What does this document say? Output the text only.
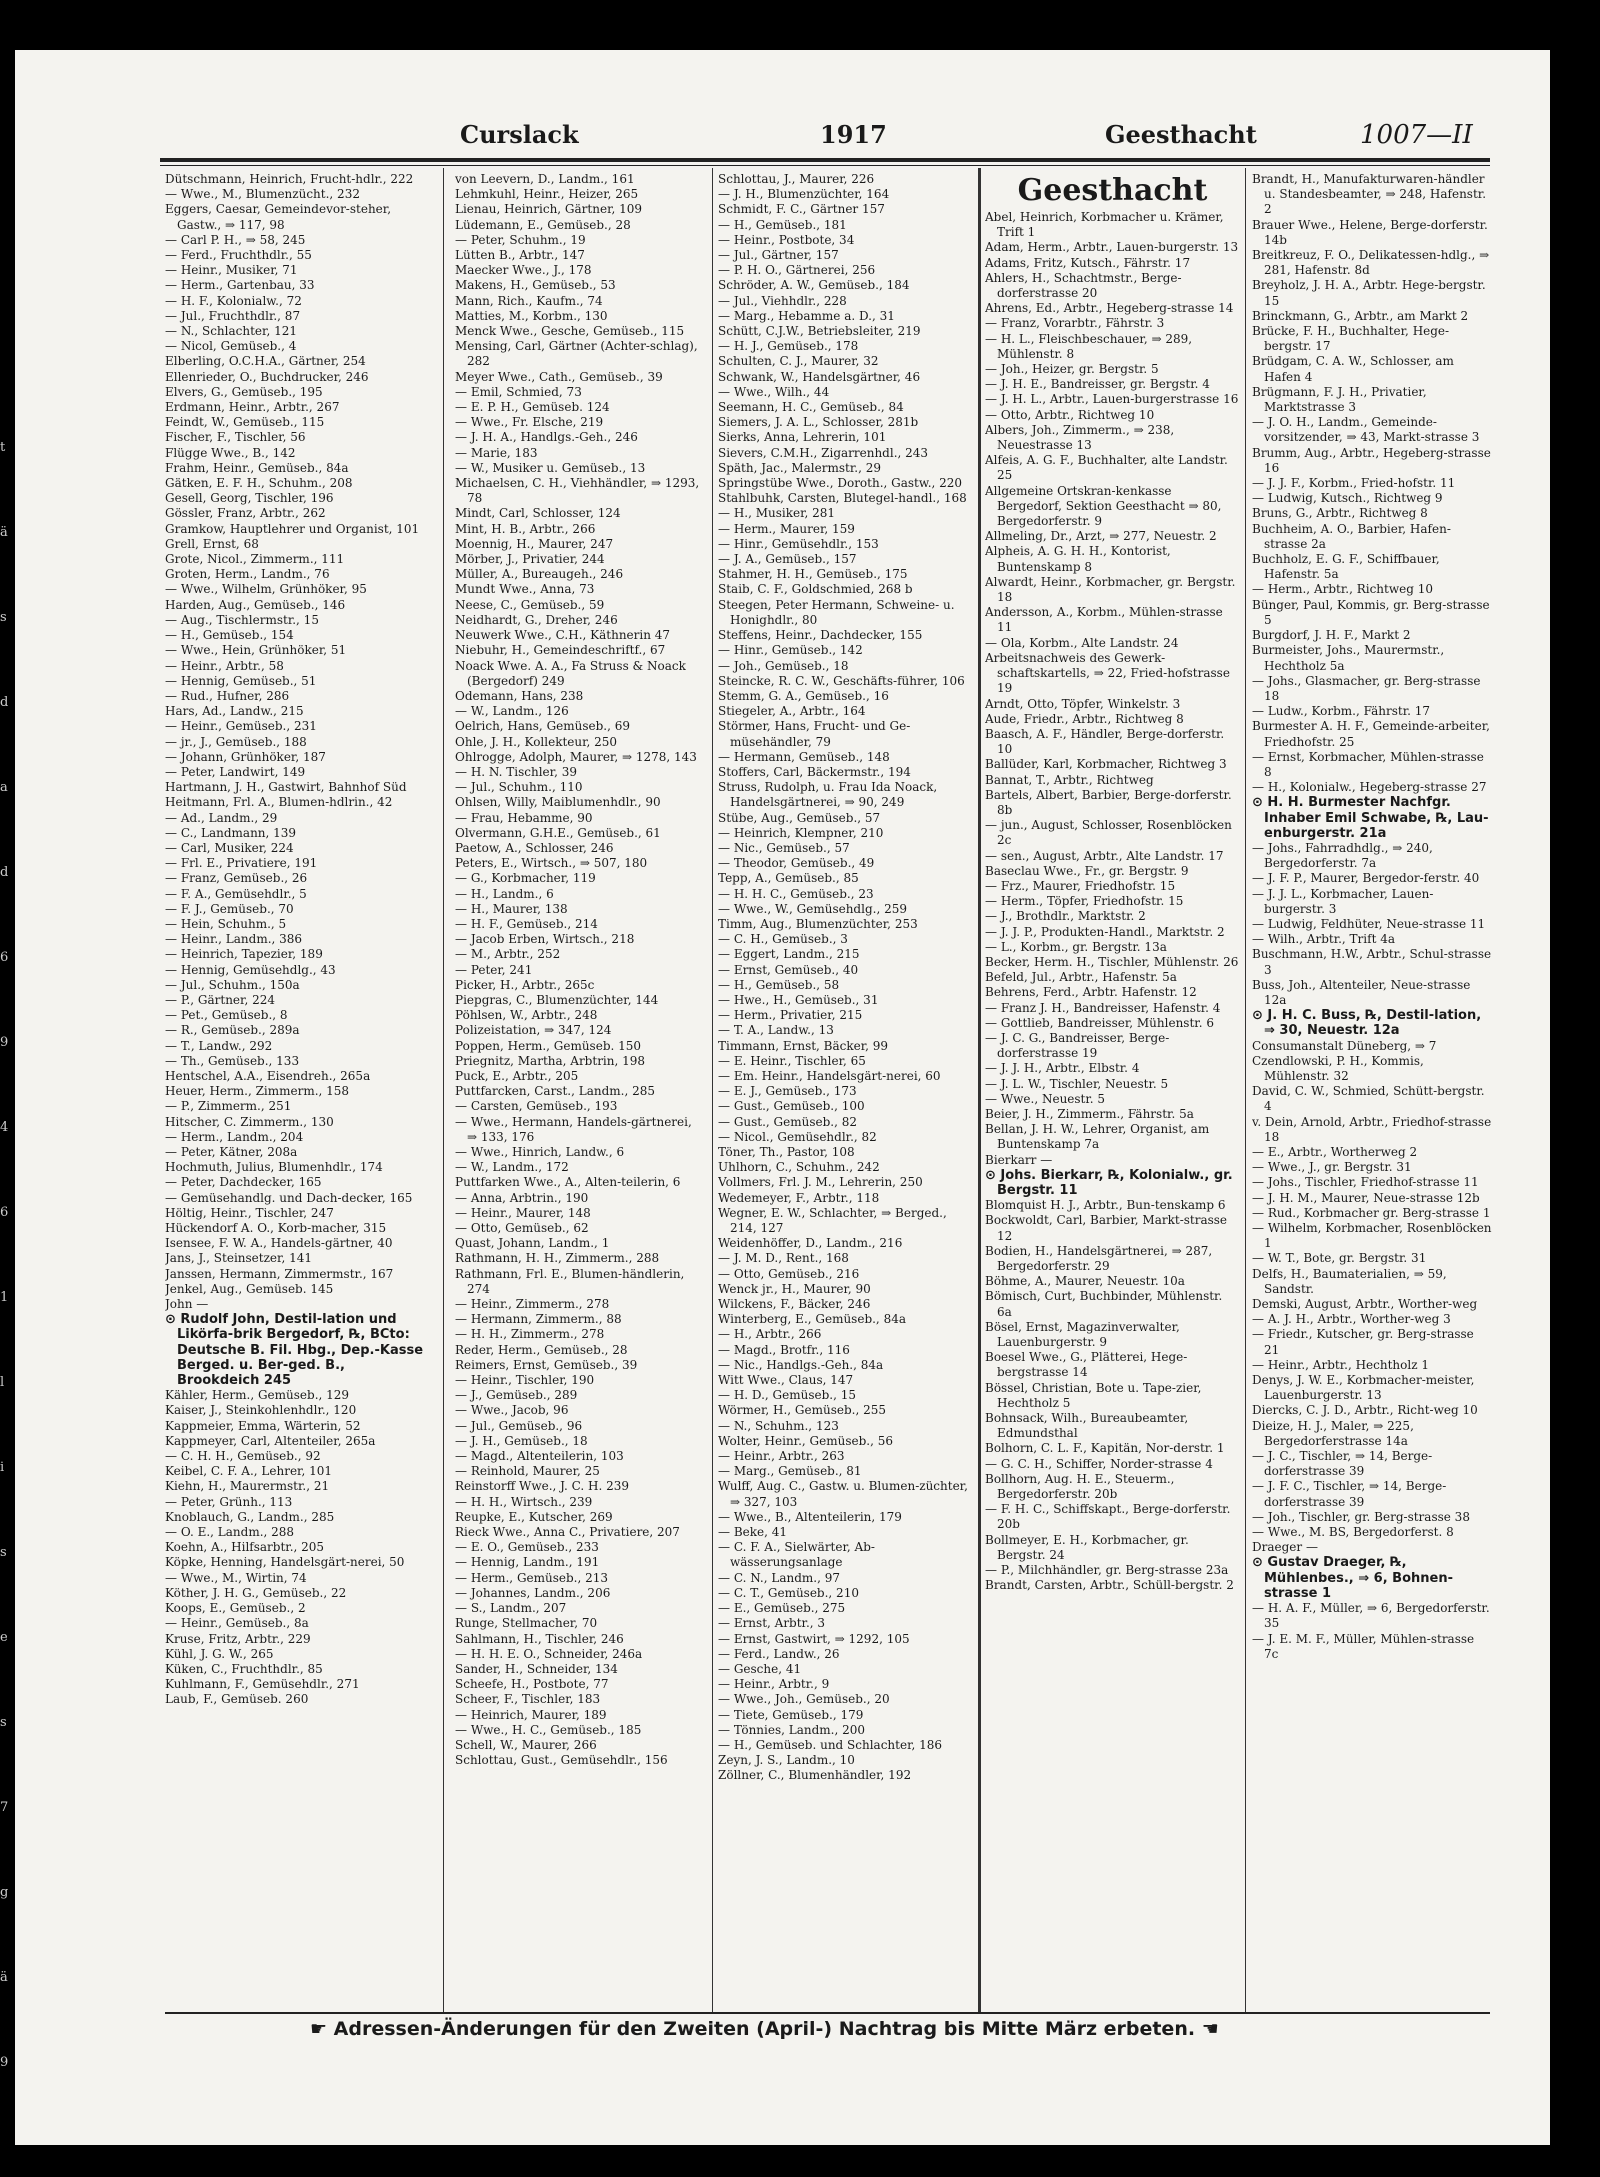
t
ä
s
d
a
d
6
9
4
6
1
l
i
s
e
s
7
g
ä
9
Curslack	1917	Geesthacht	1007—II

Dütschmann, Heinrich, Frucht-hdlr., 222

— Wwe., M., Blumenzücht., 232

Eggers, Caesar, Gemeindevor-steher, Gastw., ⇒ 117, 98

— Carl P. H., ⇒ 58, 245

— Ferd., Fruchthdlr., 55

— Heinr., Musiker, 71

— Herm., Gartenbau, 33

— H. F., Kolonialw., 72

— Jul., Fruchthdlr., 87

— N., Schlachter, 121

— Nicol, Gemüseb., 4

Elberling, O.C.H.A., Gärtner, 254

Ellenrieder, O., Buchdrucker, 246

Elvers, G., Gemüseb., 195

Erdmann, Heinr., Arbtr., 267

Feindt, W., Gemüseb., 115

Fischer, F., Tischler, 56

Flügge Wwe., B., 142

Frahm, Heinr., Gemüseb., 84a

Gätken, E. F. H., Schuhm., 208

Gesell, Georg, Tischler, 196

Gössler, Franz, Arbtr., 262

Gramkow, Hauptlehrer und Organist, 101

Grell, Ernst, 68

Grote, Nicol., Zimmerm., 111

Groten, Herm., Landm., 76

— Wwe., Wilhelm, Grünhöker, 95

Harden, Aug., Gemüseb., 146

— Aug., Tischlermstr., 15

— H., Gemüseb., 154

— Wwe., Hein, Grünhöker, 51

— Heinr., Arbtr., 58

— Hennig, Gemüseb., 51

— Rud., Hufner, 286

Hars, Ad., Landw., 215

— Heinr., Gemüseb., 231

— jr., J., Gemüseb., 188

— Johann, Grünhöker, 187

— Peter, Landwirt, 149

Hartmann, J. H., Gastwirt, Bahnhof Süd

Heitmann, Frl. A., Blumen-hdlrin., 42

— Ad., Landm., 29

— C., Landmann, 139

— Carl, Musiker, 224

— Frl. E., Privatiere, 191

— Franz, Gemüseb., 26

— F. A., Gemüsehdlr., 5

— F. J., Gemüseb., 70

— Hein, Schuhm., 5

— Heinr., Landm., 386

— Heinrich, Tapezier, 189

— Hennig, Gemüsehdlg., 43

— Jul., Schuhm., 150a

— P., Gärtner, 224

— Pet., Gemüseb., 8

— R., Gemüseb., 289a

— T., Landw., 292

— Th., Gemüseb., 133

Hentschel, A.A., Eisendreh., 265a

Heuer, Herm., Zimmerm., 158

— P., Zimmerm., 251

Hitscher, C. Zimmerm., 130

— Herm., Landm., 204

— Peter, Kätner, 208a

Hochmuth, Julius, Blumenhdlr., 174

— Peter, Dachdecker, 165

— Gemüsehandlg. und Dach-decker, 165

Höltig, Heinr., Tischler, 247

Hückendorf A. O., Korb-macher, 315

Isensee, F. W. A., Handels-gärtner, 40

Jans, J., Steinsetzer, 141

Janssen, Hermann, Zimmermstr., 167

Jenkel, Aug., Gemüseb. 145

John —

⊙ Rudolf John, Destil-lation und Likörfa-brik Bergedorf, ℞, BCto: Deutsche B. Fil. Hbg., Dep.-Kasse Berged. u. Ber-ged. B., Brookdeich 245

Kähler, Herm., Gemüseb., 129

Kaiser, J., Steinkohlenhdlr., 120

Kappmeier, Emma, Wärterin, 52

Kappmeyer, Carl, Altenteiler, 265a

— C. H. H., Gemüseb., 92

Keibel, C. F. A., Lehrer, 101

Kiehn, H., Maurermstr., 21

— Peter, Grünh., 113

Knoblauch, G., Landm., 285

— O. E., Landm., 288

Koehn, A., Hilfsarbtr., 205

Köpke, Henning, Handelsgärt-nerei, 50

— Wwe., M., Wirtin, 74

Köther, J. H. G., Gemüseb., 22

Koops, E., Gemüseb., 2

— Heinr., Gemüseb., 8a

Kruse, Fritz, Arbtr., 229

Kühl, J. G. W., 265

Küken, C., Fruchthdlr., 85

Kuhlmann, F., Gemüsehdlr., 271

Laub, F., Gemüseb. 260

von Leevern, D., Landm., 161

Lehmkuhl, Heinr., Heizer, 265

Lienau, Heinrich, Gärtner, 109

Lüdemann, E., Gemüseb., 28

— Peter, Schuhm., 19

Lütten B., Arbtr., 147

Maecker Wwe., J., 178

Makens, H., Gemüseb., 53

Mann, Rich., Kaufm., 74

Matties, M., Korbm., 130

Menck Wwe., Gesche, Gemüseb., 115

Mensing, Carl, Gärtner (Achter-schlag), 282

Meyer Wwe., Cath., Gemüseb., 39

— Emil, Schmied, 73

— E. P. H., Gemüseb. 124

— Wwe., Fr. Elsche, 219

— J. H. A., Handlgs.-Geh., 246

— Marie, 183

— W., Musiker u. Gemüseb., 13

Michaelsen, C. H., Viehhändler, ⇒ 1293, 78

Mindt, Carl, Schlosser, 124

Mint, H. B., Arbtr., 266

Moennig, H., Maurer, 247

Mörber, J., Privatier, 244

Müller, A., Bureaugeh., 246

Mundt Wwe., Anna, 73

Neese, C., Gemüseb., 59

Neidhardt, G., Dreher, 246

Neuwerk Wwe., C.H., Käthnerin 47

Niebuhr, H., Gemeindeschriftf., 67

Noack Wwe. A. A., Fa Struss & Noack (Bergedorf) 249

Odemann, Hans, 238

— W., Landm., 126

Oelrich, Hans, Gemüseb., 69

Ohle, J. H., Kollekteur, 250

Ohlrogge, Adolph, Maurer, ⇒ 1278, 143

— H. N. Tischler, 39

— Jul., Schuhm., 110

Ohlsen, Willy, Maiblumenhdlr., 90

— Frau, Hebamme, 90

Olvermann, G.H.E., Gemüseb., 61

Paetow, A., Schlosser, 246

Peters, E., Wirtsch., ⇒ 507, 180

— G., Korbmacher, 119

— H., Landm., 6

— H., Maurer, 138

— H. F., Gemüseb., 214

— Jacob Erben, Wirtsch., 218

— M., Arbtr., 252

— Peter, 241

Picker, H., Arbtr., 265c

Piepgras, C., Blumenzüchter, 144

Pöhlsen, W., Arbtr., 248

Polizeistation, ⇒ 347, 124

Poppen, Herm., Gemüseb. 150

Priegnitz, Martha, Arbtrin, 198

Puck, E., Arbtr., 205

Puttfarcken, Carst., Landm., 285

— Carsten, Gemüseb., 193

— Wwe., Hermann, Handels-gärtnerei, ⇒ 133, 176

— Wwe., Hinrich, Landw., 6

— W., Landm., 172

Puttfarken Wwe., A., Alten-teilerin, 6

— Anna, Arbtrin., 190

— Heinr., Maurer, 148

— Otto, Gemüseb., 62

Quast, Johann, Landm., 1

Rathmann, H. H., Zimmerm., 288

Rathmann, Frl. E., Blumen-händlerin, 274

— Heinr., Zimmerm., 278

— Hermann, Zimmerm., 88

— H. H., Zimmerm., 278

Reder, Herm., Gemüseb., 28

Reimers, Ernst, Gemüseb., 39

— Heinr., Tischler, 190

— J., Gemüseb., 289

— Wwe., Jacob, 96

— Jul., Gemüseb., 96

— J. H., Gemüseb., 18

— Magd., Altenteilerin, 103

— Reinhold, Maurer, 25

Reinstorff Wwe., J. C. H. 239

— H. H., Wirtsch., 239

Reupke, E., Kutscher, 269

Rieck Wwe., Anna C., Privatiere, 207

— E. O., Gemüseb., 233

— Hennig, Landm., 191

— Herm., Gemüseb., 213

— Johannes, Landm., 206

— S., Landm., 207

Runge, Stellmacher, 70

Sahlmann, H., Tischler, 246

— H. H. E. O., Schneider, 246a

Sander, H., Schneider, 134

Scheefe, H., Postbote, 77

Scheer, F., Tischler, 183

— Heinrich, Maurer, 189

— Wwe., H. C., Gemüseb., 185

Schell, W., Maurer, 266

Schlottau, Gust., Gemüsehdlr., 156

Schlottau, J., Maurer, 226

— J. H., Blumenzüchter, 164

Schmidt, F. C., Gärtner 157

— H., Gemüseb., 181

— Heinr., Postbote, 34

— Jul., Gärtner, 157

— P. H. O., Gärtnerei, 256

Schröder, A. W., Gemüseb., 184

— Jul., Viehhdlr., 228

— Marg., Hebamme a. D., 31

Schütt, C.J.W., Betriebsleiter, 219

— H. J., Gemüseb., 178

Schulten, C. J., Maurer, 32

Schwank, W., Handelsgärtner, 46

— Wwe., Wilh., 44

Seemann, H. C., Gemüseb., 84

Siemers, J. A. L., Schlosser, 281b

Sierks, Anna, Lehrerin, 101

Sievers, C.M.H., Zigarrenhdl., 243

Späth, Jac., Malermstr., 29

Springstübe Wwe., Doroth., Gastw., 220

Stahlbuhk, Carsten, Blutegel-handl., 168

— H., Musiker, 281

— Herm., Maurer, 159

— Hinr., Gemüsehdlr., 153

— J. A., Gemüseb., 157

Stahmer, H. H., Gemüseb., 175

Staib, C. F., Goldschmied, 268 b

Steegen, Peter Hermann, Schweine- u. Honighdlr., 80

Steffens, Heinr., Dachdecker, 155

— Hinr., Gemüseb., 142

— Joh., Gemüseb., 18

Steincke, R. C. W., Geschäfts-führer, 106

Stemm, G. A., Gemüseb., 16

Stiegeler, A., Arbtr., 164

Störmer, Hans, Frucht- und Ge-müsehändler, 79

— Hermann, Gemüseb., 148

Stoffers, Carl, Bäckermstr., 194

Struss, Rudolph, u. Frau Ida Noack, Handelsgärtnerei, ⇒ 90, 249

Stübe, Aug., Gemüseb., 57

— Heinrich, Klempner, 210

— Nic., Gemüseb., 57

— Theodor, Gemüseb., 49

Tepp, A., Gemüseb., 85

— H. H. C., Gemüseb., 23

— Wwe., W., Gemüsehdlg., 259

Timm, Aug., Blumenzüchter, 253

— C. H., Gemüseb., 3

— Eggert, Landm., 215

— Ernst, Gemüseb., 40

— H., Gemüseb., 58

— Hwe., H., Gemüseb., 31

— Herm., Privatier, 215

— T. A., Landw., 13

Timmann, Ernst, Bäcker, 99

— E. Heinr., Tischler, 65

— Em. Heinr., Handelsgärt-nerei, 60

— E. J., Gemüseb., 173

— Gust., Gemüseb., 100

— Gust., Gemüseb., 82

— Nicol., Gemüsehdlr., 82

Töner, Th., Pastor, 108

Uhlhorn, C., Schuhm., 242

Vollmers, Frl. J. M., Lehrerin, 250

Wedemeyer, F., Arbtr., 118

Wegner, E. W., Schlachter, ⇒ Berged., 214, 127

Weidenhöffer, D., Landm., 216

— J. M. D., Rent., 168

— Otto, Gemüseb., 216

Wenck jr., H., Maurer, 90

Wilckens, F., Bäcker, 246

Winterberg, E., Gemüseb., 84a

— H., Arbtr., 266

— Magd., Brotfr., 116

— Nic., Handlgs.-Geh., 84a

Witt Wwe., Claus, 147

— H. D., Gemüseb., 15

Wörmer, H., Gemüseb., 255

— N., Schuhm., 123

Wolter, Heinr., Gemüseb., 56

— Heinr., Arbtr., 263

— Marg., Gemüseb., 81

Wulff, Aug. C., Gastw. u. Blumen-züchter, ⇒ 327, 103

— Wwe., B., Altenteilerin, 179

— Beke, 41

— C. F. A., Sielwärter, Ab-wässerungsanlage

— C. N., Landm., 97

— C. T., Gemüseb., 210

— E., Gemüseb., 275

— Ernst, Arbtr., 3

— Ernst, Gastwirt, ⇒ 1292, 105

— Ferd., Landw., 26

— Gesche, 41

— Heinr., Arbtr., 9

— Wwe., Joh., Gemüseb., 20

— Tiete, Gemüseb., 179

— Tönnies, Landm., 200

— H., Gemüseb. und Schlachter, 186

Zeyn, J. S., Landm., 10

Zöllner, C., Blumenhändler, 192

Geesthacht

Abel, Heinrich, Korbmacher u. Krämer, Trift 1

Adam, Herm., Arbtr., Lauen-burgerstr. 13

Adams, Fritz, Kutsch., Fährstr. 17

Ahlers, H., Schachtmstr., Berge-dorferstrasse 20

Ahrens, Ed., Arbtr., Hegeberg-strasse 14

— Franz, Vorarbtr., Fährstr. 3

— H. L., Fleischbeschauer, ⇒ 289, Mühlenstr. 8

— Joh., Heizer, gr. Bergstr. 5

— J. H. E., Bandreisser, gr. Bergstr. 4

— J. H. L., Arbtr., Lauen-burgerstrasse 16

— Otto, Arbtr., Richtweg 10

Albers, Joh., Zimmerm., ⇒ 238, Neuestrasse 13

Alfeis, A. G. F., Buchhalter, alte Landstr. 25

Allgemeine Ortskran-kenkasse Bergedorf, Sektion Geesthacht ⇒ 80, Bergedorferstr. 9

Allmeling, Dr., Arzt, ⇒ 277, Neuestr. 2

Alpheis, A. G. H. H., Kontorist, Buntenskamp 8

Alwardt, Heinr., Korbmacher, gr. Bergstr. 18

Andersson, A., Korbm., Mühlen-strasse 11

— Ola, Korbm., Alte Landstr. 24

Arbeitsnachweis des Gewerk-schaftskartells, ⇒ 22, Fried-hofstrasse 19

Arndt, Otto, Töpfer, Winkelstr. 3

Aude, Friedr., Arbtr., Richtweg 8

Baasch, A. F., Händler, Berge-dorferstr. 10

Ballüder, Karl, Korbmacher, Richtweg 3

Bannat, T., Arbtr., Richtweg

Bartels, Albert, Barbier, Berge-dorferstr. 8b

— jun., August, Schlosser, Rosenblöcken 2c

— sen., August, Arbtr., Alte Landstr. 17

Baseclau Wwe., Fr., gr. Bergstr. 9

— Frz., Maurer, Friedhofstr. 15

— Herm., Töpfer, Friedhofstr. 15

— J., Brothdlr., Marktstr. 2

— J. J. P., Produkten-Handl., Marktstr. 2

— L., Korbm., gr. Bergstr. 13a

Becker, Herm. H., Tischler, Mühlenstr. 26

Befeld, Jul., Arbtr., Hafenstr. 5a

Behrens, Ferd., Arbtr. Hafenstr. 12

— Franz J. H., Bandreisser, Hafenstr. 4

— Gottlieb, Bandreisser, Mühlenstr. 6

— J. C. G., Bandreisser, Berge-dorferstrasse 19

— J. J. H., Arbtr., Elbstr. 4

— J. L. W., Tischler, Neuestr. 5

— Wwe., Neuestr. 5

Beier, J. H., Zimmerm., Fährstr. 5a

Bellan, J. H. W., Lehrer, Organist, am Buntenskamp 7a

Bierkarr —

⊙ Johs. Bierkarr, ℞, Kolonialw., gr. Bergstr. 11

Blomquist H. J., Arbtr., Bun-tenskamp 6

Bockwoldt, Carl, Barbier, Markt-strasse 12

Bodien, H., Handelsgärtnerei, ⇒ 287, Bergedorferstr. 29

Böhme, A., Maurer, Neuestr. 10a

Bömisch, Curt, Buchbinder, Mühlenstr. 6a

Bösel, Ernst, Magazinverwalter, Lauenburgerstr. 9

Boesel Wwe., G., Plätterei, Hege-bergstrasse 14

Bössel, Christian, Bote u. Tape-zier, Hechtholz 5

Bohnsack, Wilh., Bureaubeamter, Edmundsthal

Bolhorn, C. L. F., Kapitän, Nor-derstr. 1

— G. C. H., Schiffer, Norder-strasse 4

Bollhorn, Aug. H. E., Steuerm., Bergedorferstr. 20b

— F. H. C., Schiffskapt., Berge-dorferstr. 20b

Bollmeyer, E. H., Korbmacher, gr. Bergstr. 24

— P., Milchhändler, gr. Berg-strasse 23a

Brandt, Carsten, Arbtr., Schüll-bergstr. 2

Brandt, H., Manufakturwaren-händler u. Standesbeamter, ⇒ 248, Hafenstr. 2

Brauer Wwe., Helene, Berge-dorferstr. 14b

Breitkreuz, F. O., Delikatessen-hdlg., ⇒ 281, Hafenstr. 8d

Breyholz, J. H. A., Arbtr. Hege-bergstr. 15

Brinckmann, G., Arbtr., am Markt 2

Brücke, F. H., Buchhalter, Hege-bergstr. 17

Brüdgam, C. A. W., Schlosser, am Hafen 4

Brügmann, F. J. H., Privatier, Marktstrasse 3

— J. O. H., Landm., Gemeinde-vorsitzender, ⇒ 43, Markt-strasse 3

Brumm, Aug., Arbtr., Hegeberg-strasse 16

— J. J. F., Korbm., Fried-hofstr. 11

— Ludwig, Kutsch., Richtweg 9

Bruns, G., Arbtr., Richtweg 8

Buchheim, A. O., Barbier, Hafen-strasse 2a

Buchholz, E. G. F., Schiffbauer, Hafenstr. 5a

— Herm., Arbtr., Richtweg 10

Bünger, Paul, Kommis, gr. Berg-strasse 5

Burgdorf, J. H. F., Markt 2

Burmeister, Johs., Maurermstr., Hechtholz 5a

— Johs., Glasmacher, gr. Berg-strasse 18

— Ludw., Korbm., Fährstr. 17

Burmester A. H. F., Gemeinde-arbeiter, Friedhofstr. 25

— Ernst, Korbmacher, Mühlen-strasse 8

— H., Kolonialw., Hegeberg-strasse 27

⊙ H. H. Burmester Nachfgr. Inhaber Emil Schwabe, ℞, Lau-enburgerstr. 21a

— Johs., Fahrradhdlg., ⇒ 240, Bergedorferstr. 7a

— J. F. P., Maurer, Bergedor-ferstr. 40

— J. J. L., Korbmacher, Lauen-burgerstr. 3

— Ludwig, Feldhüter, Neue-strasse 11

— Wilh., Arbtr., Trift 4a

Buschmann, H.W., Arbtr., Schul-strasse 3

Buss, Joh., Altenteiler, Neue-strasse 12a

⊙ J. H. C. Buss, ℞, Destil-lation, ⇒ 30, Neuestr. 12a

Consumanstalt Düneberg, ⇒ 7

Czendlowski, P. H., Kommis, Mühlenstr. 32

David, C. W., Schmied, Schütt-bergstr. 4

v. Dein, Arnold, Arbtr., Friedhof-strasse 18

— E., Arbtr., Wortherweg 2

— Wwe., J., gr. Bergstr. 31

— Johs., Tischler, Friedhof-strasse 11

— J. H. M., Maurer, Neue-strasse 12b

— Rud., Korbmacher gr. Berg-strasse 1

— Wilhelm, Korbmacher, Rosenblöcken 1

— W. T., Bote, gr. Bergstr. 31

Delfs, H., Baumaterialien, ⇒ 59, Sandstr.

Demski, August, Arbtr., Worther-weg

— A. J. H., Arbtr., Worther-weg 3

— Friedr., Kutscher, gr. Berg-strasse 21

— Heinr., Arbtr., Hechtholz 1

Denys, J. W. E., Korbmacher-meister, Lauenburgerstr. 13

Diercks, C. J. D., Arbtr., Richt-weg 10

Dieize, H. J., Maler, ⇒ 225, Bergedorferstrasse 14a

— J. C., Tischler, ⇒ 14, Berge-dorferstrasse 39

— J. F. C., Tischler, ⇒ 14, Berge-dorferstrasse 39

— Joh., Tischler, gr. Berg-strasse 38

— Wwe., M. BS, Bergedorferst. 8

Draeger —

⊙ Gustav Draeger, ℞, Mühlenbes., ⇒ 6, Bohnen-strasse 1

— H. A. F., Müller, ⇒ 6, Bergedorferstr. 35

— J. E. M. F., Müller, Mühlen-strasse 7c

☛ Adressen-Änderungen für den Zweiten (April-) Nachtrag bis Mitte März erbeten. ☚
